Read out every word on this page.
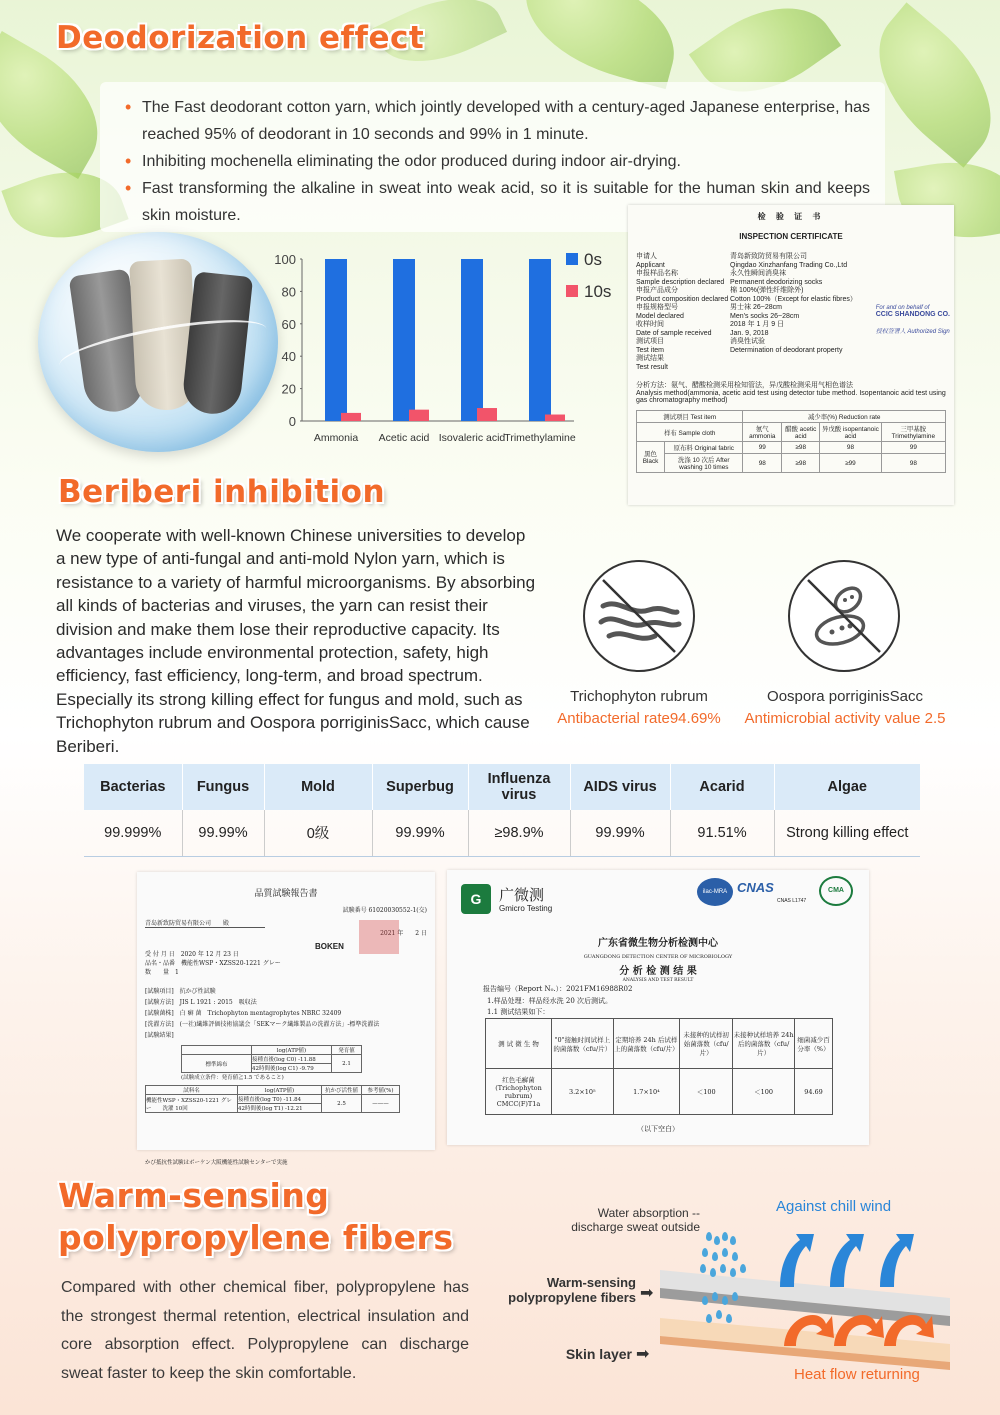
Deodorization effect
• The Fast deodorant cotton yarn, which jointly developed with a century-aged Japanese enterprise, has reached 95% of deodorant in 10 seconds and 99% in 1 minute.
• Inhibiting mochenella eliminating the odor produced during indoor air-drying.
• Fast transforming the alkaline in sweat into weak acid, so it is suitable for the human skin and keeps skin moisture.
0
20
40
60
80
100
Ammonia Acetic acid Isovaleric acid Trimethylamine
0s
10s
检 验 证 书
INSPECTION CERTIFICATE
申请人	青岛新致防贸易有限公司
Applicant	Qingdao Xinzhanfang Trading Co.,Ltd
申报样品名称	永久性瞬间消臭袜
Sample description declared Permanent deodorizing socks
申报产品成分	棉 100%(弹性纤维除外)
Product composition declared Cotton 100%（Except for elastic fibres）
申报规格型号	男士袜 26~28cm
Model declared	Men's socks 26~28cm
收样时间	2018 年 1 月 9 日
Date of sample received	Jan. 9, 2018
测试项目	消臭性试验
Test item	Determination of deodorant property
测试结果
Test result
For and on behalf of
CCIC SHANDONG CO.
授权签署人 Authorized Sign
分析方法：氨气、醋酸检测采用检知管法，异戊酸检测采用气相色谱法
Analysis method(ammonia, acetic acid test using detector tube method. Isopentanoic acid test using gas chromatography method)
测试项目 Test item		减少率(%) Reduction rate			
样布 Sample cloth		氨气 ammonia	醋酸 acetic acid	异戊酸 isopentanoic acid	三甲基胺 Trimethylamine
黑色 Black	原布料 Original fabric	99	≥98	98	99
	洗涤 10 次后 After washing 10 times	98	≥98	≥99	98
Beriberi inhibition
We cooperate with well-known Chinese universities to develop a new type of anti-fungal and anti-mold Nylon yarn, which is resistance to a variety of harmful microorganisms. By absorbing all kinds of bacterias and viruses, the yarn can resist their division and make them lose their reproductive capacity. Its advantages include environmental protection, safety, high efficiency, fast efficiency, long-term, and broad spectrum. Especially its strong killing effect for fungus and mold, such as Trichophyton rubrum and Oospora porriginisSacc, which cause Beriberi.
Trichophyton rubrum
Antibacterial rate94.69%
Oospora porriginisSacc
Antimicrobial activity value 2.5
Bacterias	Fungus	Mold	Superbug	Influenza virus	AIDS virus	Acarid	Algae
99.999%	99.99%	0级	99.99%	≥98.9%	99.99%	91.51%	Strong killing effect
品質試験報告書
試験番号 61020030552-1(交)
青岛新致防贸易有限公司　　殿
2021 年　　2 日
BOKEN
受 付 月 日　2020 年 12 月 23 日
品名・品番　機能性WSP・XZSS20-1221 グレー
数　　量　1
[試験項目]　抗かび性試験
[試験方法]　JIS L 1921 : 2015　吸収法
[試験菌株]　白 癬 菌　Trichophyton mentagrophytes NBRC 32409
[洗濯方法]　(一社)繊維評価技術協議会「SEKマーク繊維製品の洗濯方法」-標準洗濯法
[試験結果]
	log(ATP値)	発育値
標準綿布	接種直後(log C0) -11.88	2.1
	42時間後(log C1) -9.79	
(試験成立条件：発育値≧1.5 であること)
試料名	log(ATP値)	抗かび活性値	参考値(%)
機能性WSP・XZSS20-1221 グレー　　洗濯 10回	接種直後(log T0) -11.84	2.5	———
	42時間後(log T1) -12.21		
かび抵抗性試験はボーケン大阪機能性試験センターで実施
G	广微测
Gmicro Testing
ilac-MRA CNAS
CNAS L1747
CMA
广东省微生物分析检测中心
GUANGDONG DETECTION CENTER OF MICROBIOLOGY
分 析 检 测 结 果
ANALYSIS AND TEST RESULT
报告编号（Report N₀.）：2021FM16988R02
1.样品处理：样品经水洗 20 次后测试。
1.1 测试结果如下：
测 试 微 生 物	"0"接触时间试样上的菌落数（cfu/片）	定期培养 24h 后试样上的菌落数（cfu/片）	未接种的试样初始菌落数（cfu/片）	未接种试样培养 24h 后的菌落数（cfu/片）	细菌减少百分率（%）
红色毛癣菌 (Trichophyton rubrum) CMCC(F)T1a	3.2×10⁵	1.7×10⁴	＜100	＜100	94.69
（以下空白）
Warm-sensing
polypropylene fibers
Compared with other chemical fiber, polypropylene has the strongest thermal retention, electrical insulation and core absorption effect. Polypropylene can discharge sweat faster to keep the skin comfortable.
Water absorption --
discharge sweat outside
Warm-sensing
polypropylene fibers ➡
Skin layer ➡
Against chill wind
Heat flow returning
